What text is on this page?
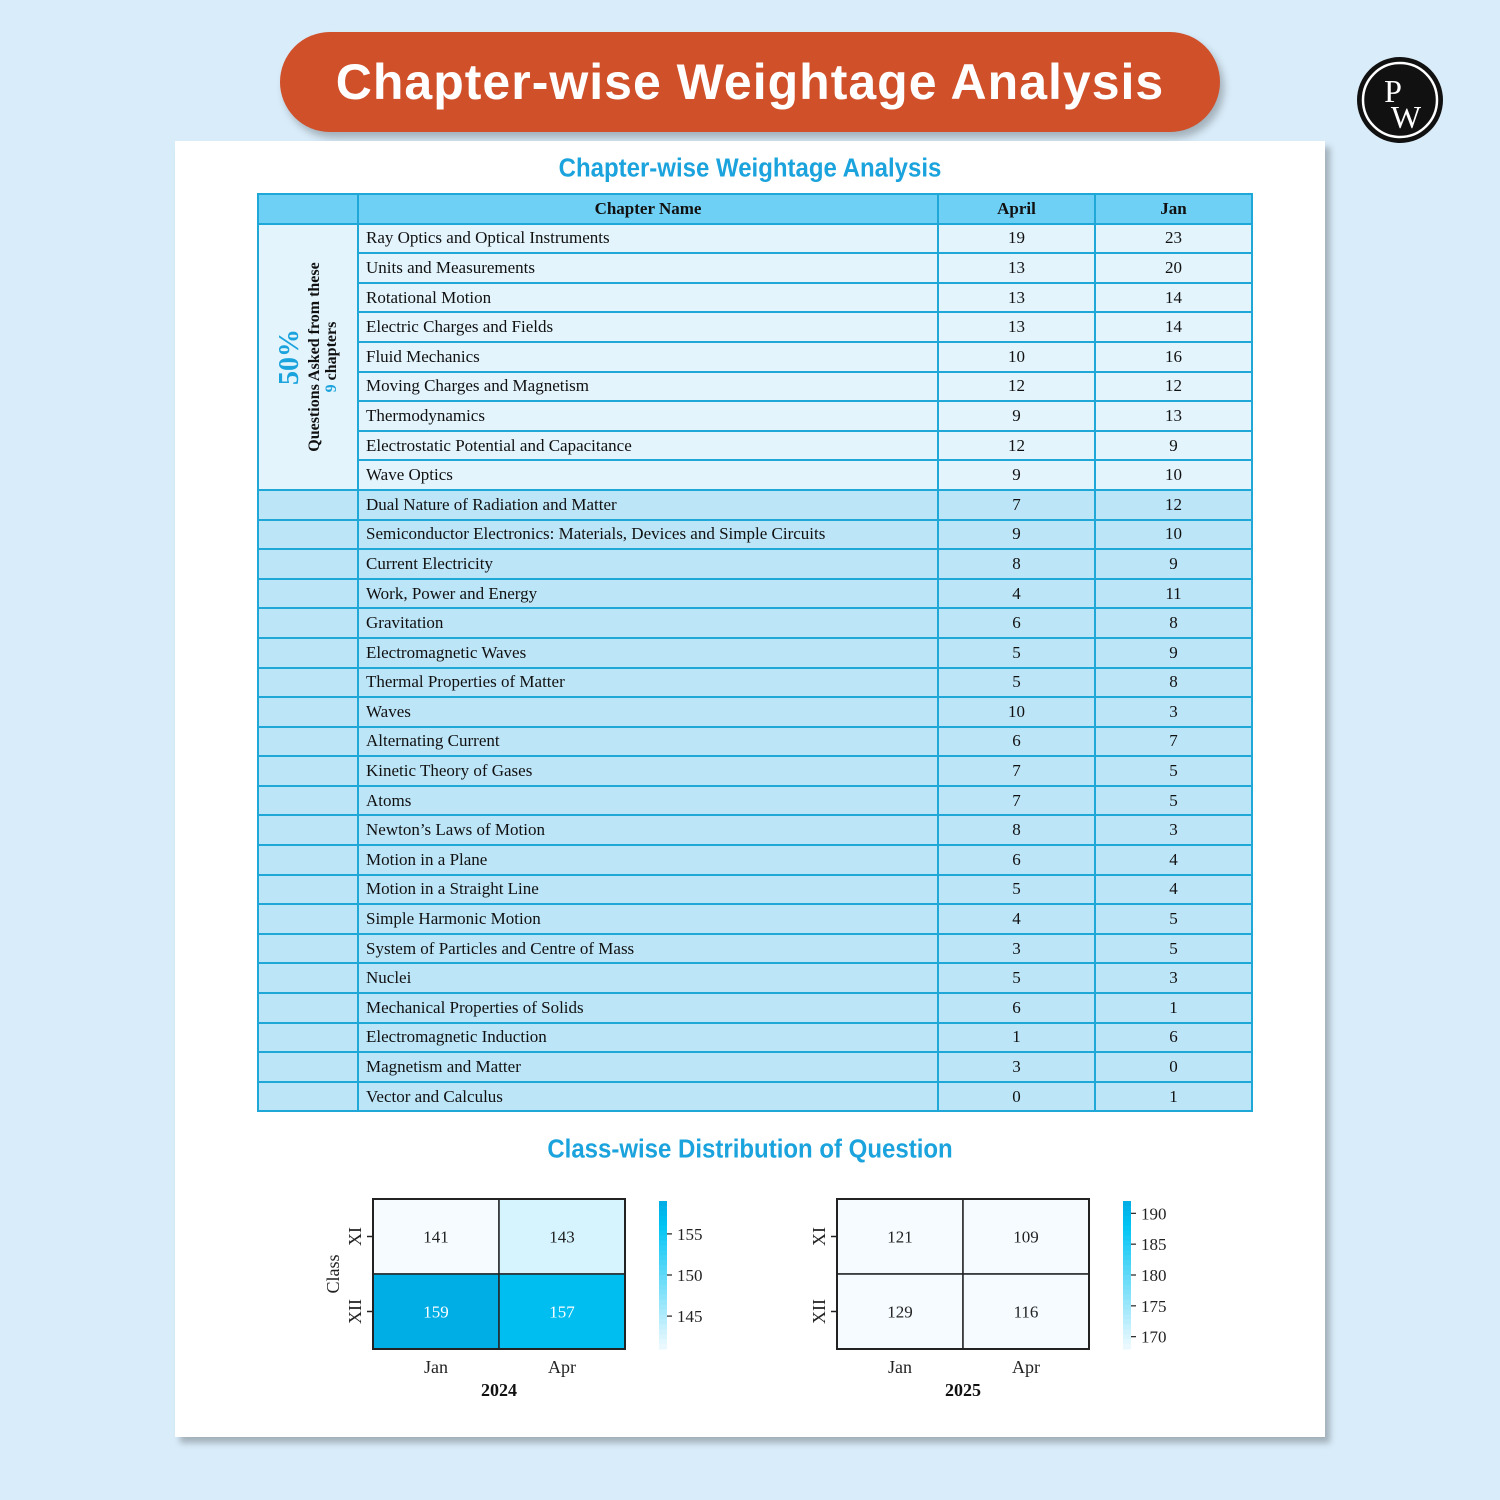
Chapter-wise Weightage Analysis	P
W
Chapter-wise Weightage Analysis
	Chapter Name	April	Jan

50% Questions Asked from these 9 chapters	Ray Optics and Optical Instruments	19	23
	Units and Measurements	13	20
	Rotational Motion	13	14
	Electric Charges and Fields	13	14
	Fluid Mechanics	10	16
	Moving Charges and Magnetism	12	12
	Thermodynamics	9	13
	Electrostatic Potential and Capacitance	12	9
	Wave Optics	9	10
	Dual Nature of Radiation and Matter	7	12
	Semiconductor Electronics: Materials, Devices and Simple Circuits	9	10
	Current Electricity	8	9
	Work, Power and Energy	4	11
	Gravitation	6	8
	Electromagnetic Waves	5	9
	Thermal Properties of Matter	5	8
	Waves	10	3
	Alternating Current	6	7
	Kinetic Theory of Gases	7	5
	Atoms	7	5
	Newton’s Laws of Motion	8	3
	Motion in a Plane	6	4
	Motion in a Straight Line	5	4
	Simple Harmonic Motion	4	5
	System of Particles and Centre of Mass	3	5
	Nuclei	5	3
	Mechanical Properties of Solids	6	1
	Electromagnetic Induction	1	6
	Magnetism and Matter	3	0
	Vector and Calculus	0	1
Class-wise Distribution of Question
141	143
159	157
XI
XII
Jan	Apr
2024
Class
145
150
155	121	109
129	116
XI
XII
Jan	Apr
2025
170
175
180
185
190
